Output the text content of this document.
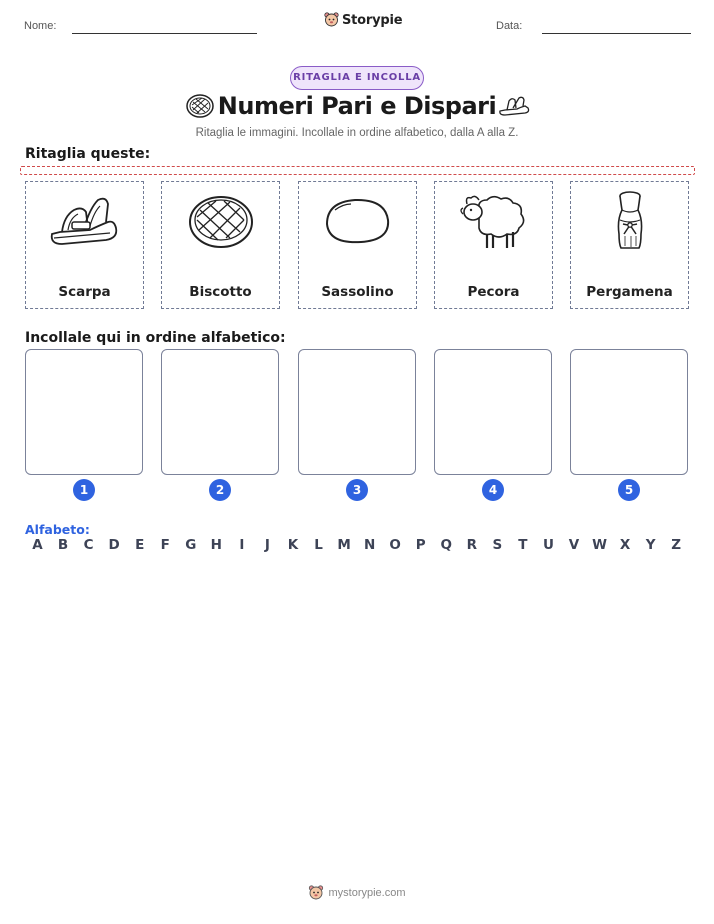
Nome:	Storypie	Data:
RITAGLIA E INCOLLA
Numeri Pari e Dispari
Ritaglia le immagini. Incollale in ordine alfabetico, dalla A alla Z.
Ritaglia queste:
Scarpa	Biscotto	Sassolino	Pecora	Pergamena
Incollale qui in ordine alfabetico:
1	2	3	4	5
Alfabeto:
A	B	C	D	E	F	G	H	I	J	K	L	M N	O	P	Q	R	S	T	U	V W X	Y	Z
mystorypie.com
